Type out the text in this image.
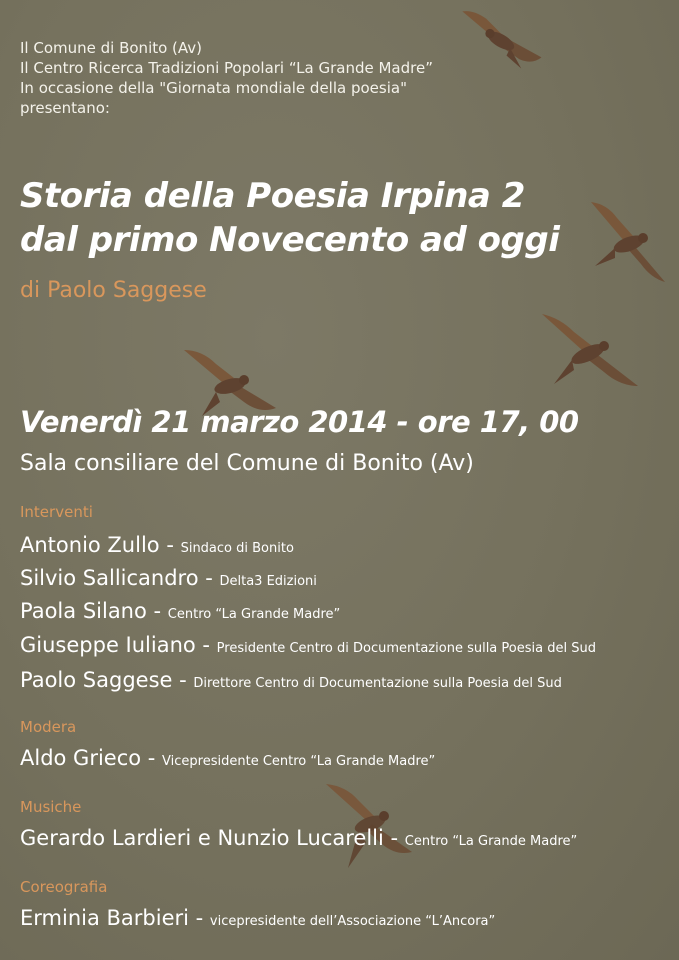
Il Comune di Bonito (Av)
Il Centro Ricerca Tradizioni Popolari “La Grande Madre”
In occasione della "Giornata mondiale della poesia"
presentano:
Storia della Poesia Irpina 2
dal primo Novecento ad oggi
di Paolo Saggese
Venerdì 21 marzo 2014 - ore 17, 00
Sala consiliare del Comune di Bonito (Av)
Interventi
Antonio Zullo - Sindaco di Bonito
Silvio Sallicandro - Delta3 Edizioni
Paola Silano - Centro “La Grande Madre”
Giuseppe Iuliano - Presidente Centro di Documentazione sulla Poesia del Sud
Paolo Saggese - Direttore Centro di Documentazione sulla Poesia del Sud
Modera
Aldo Grieco - Vicepresidente Centro “La Grande Madre”
Musiche
Gerardo Lardieri e Nunzio Lucarelli - Centro “La Grande Madre”
Coreografia
Erminia Barbieri - vicepresidente dell’Associazione “L’Ancora”
